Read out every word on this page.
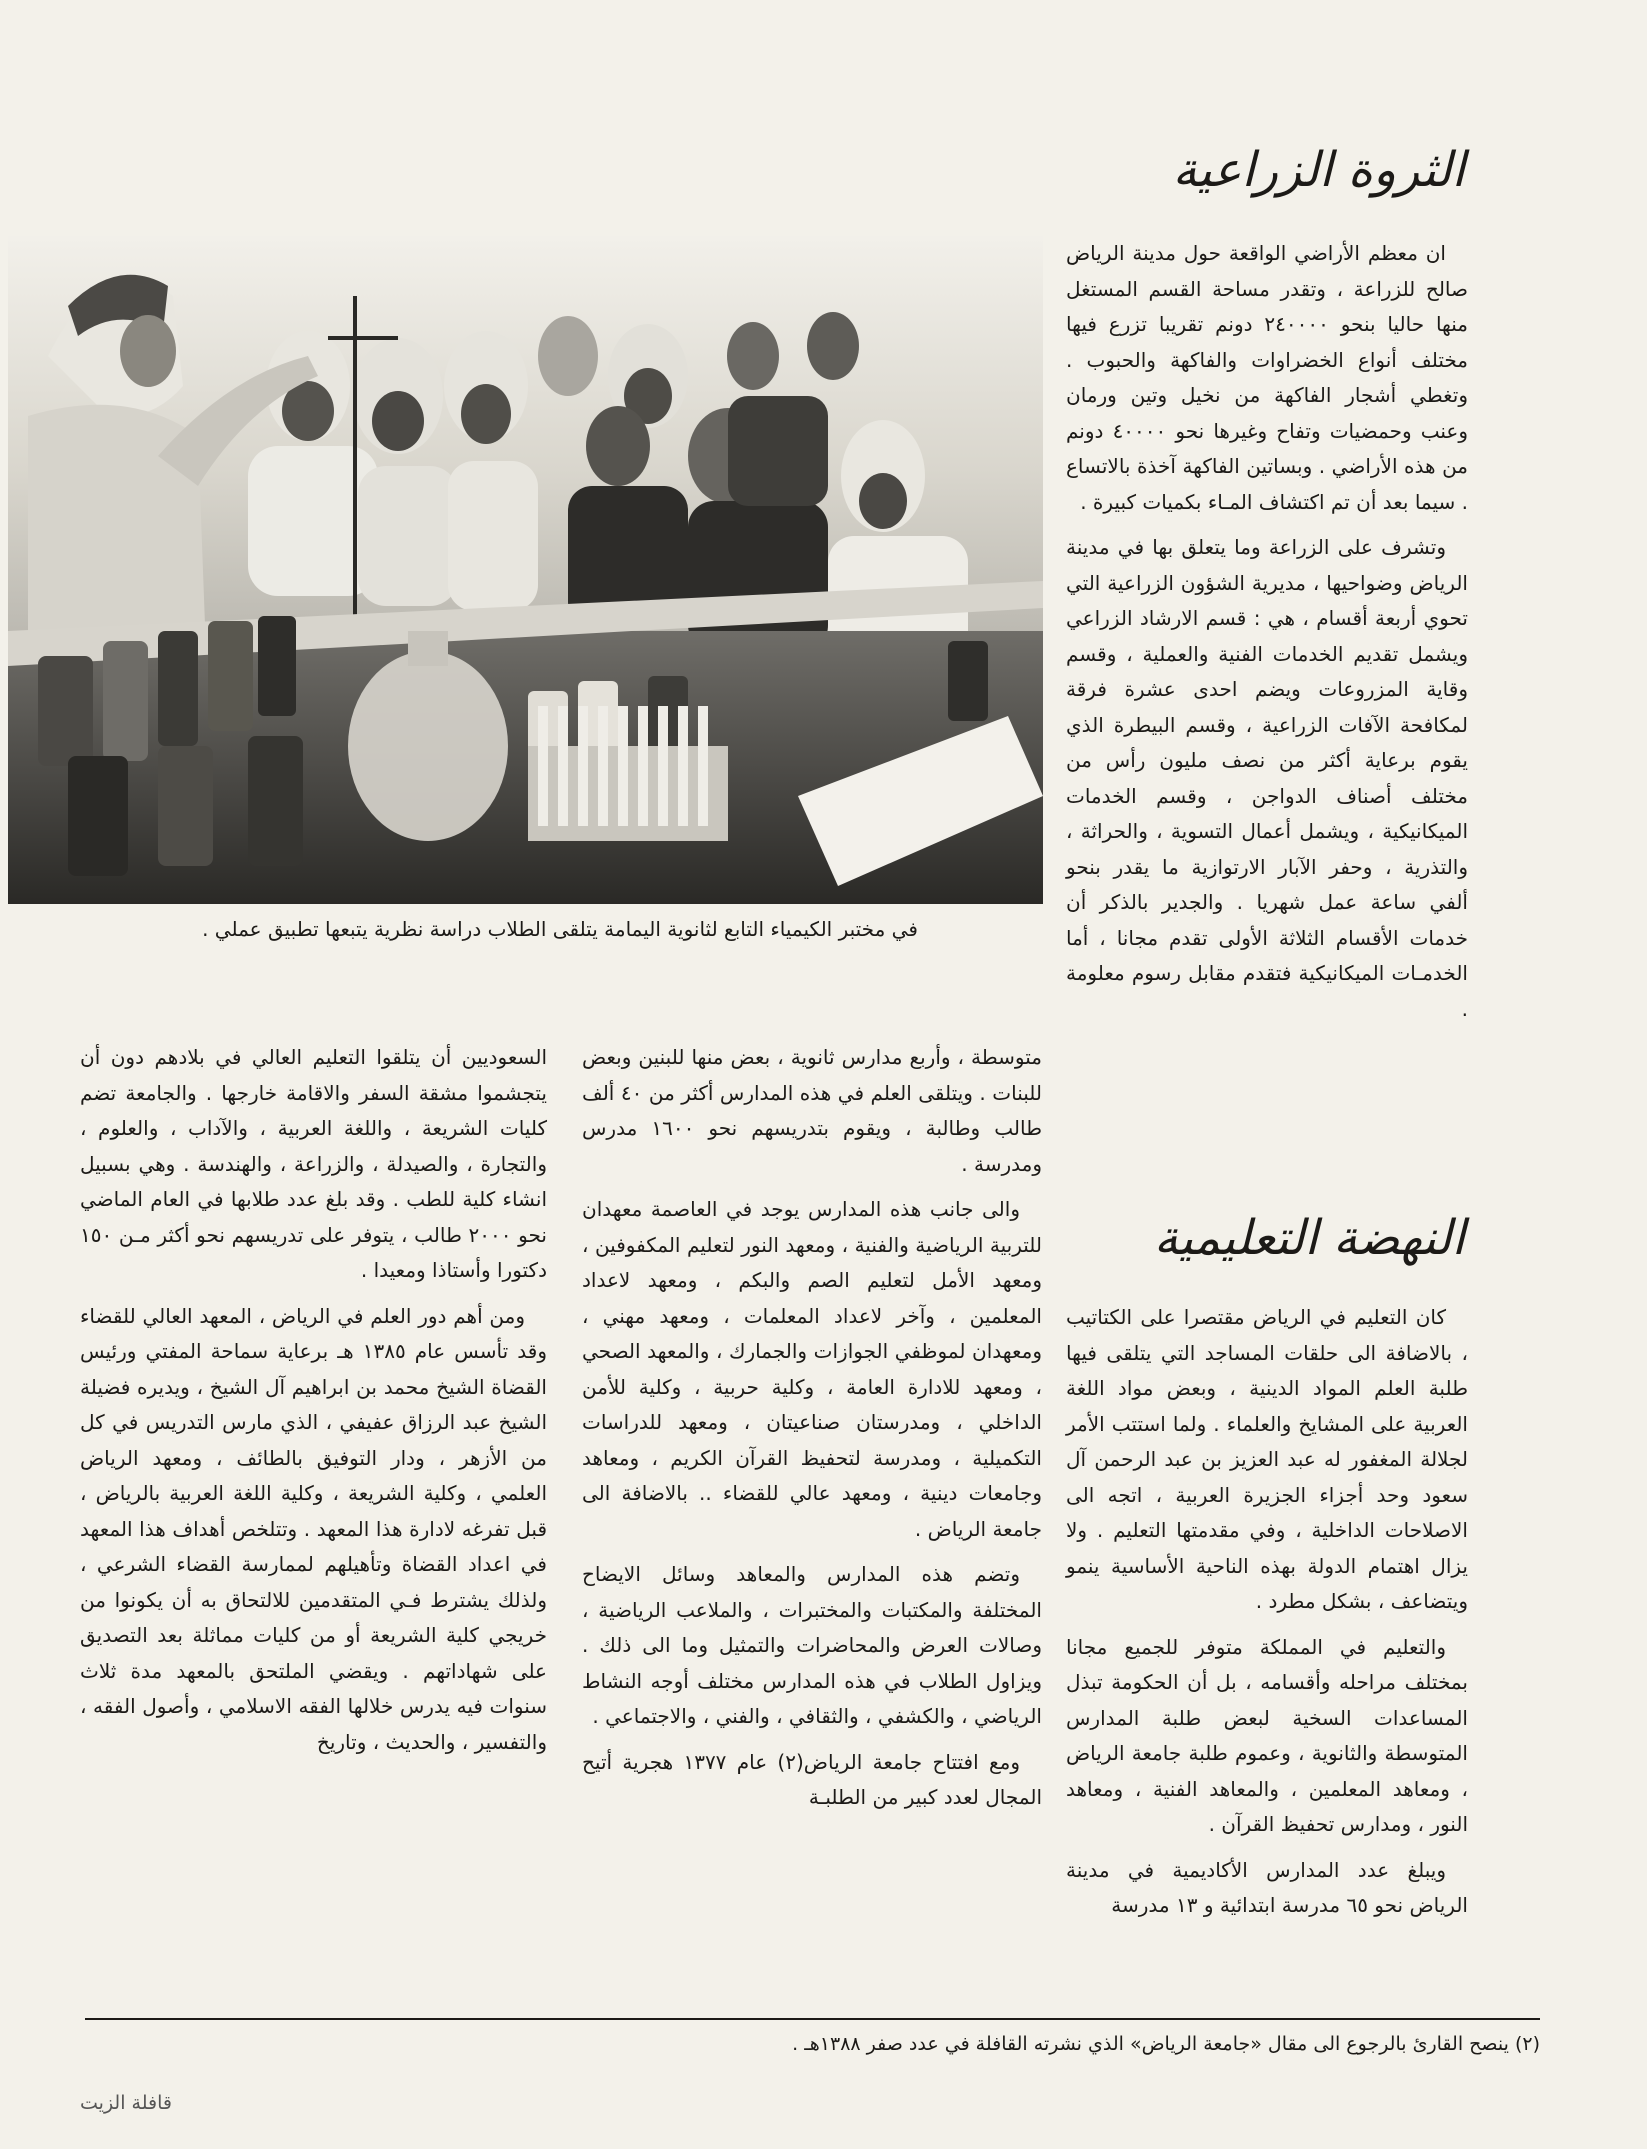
الثروة الزراعية

ان معظم الأراضي الواقعة حول مدينة الرياض صالح للزراعة ، وتقدر مساحة القسم المستغل منها حاليا بنحو ٢٤٠٠٠٠ دونم تقريبا تزرع فيها مختلف أنواع الخضراوات والفاكهة والحبوب . وتغطي أشجار الفاكهة من نخيل وتين ورمان وعنب وحمضيات وتفاح وغيرها نحو ٤٠٠٠٠ دونم من هذه الأراضي . وبساتين الفاكهة آخذة بالاتساع . سيما بعد أن تم اكتشاف المـاء بكميات كبيرة .

وتشرف على الزراعة وما يتعلق بها في مدينة الرياض وضواحيها ، مديرية الشؤون الزراعية التي تحوي أربعة أقسام ، هي : قسم الارشاد الزراعي ويشمل تقديم الخدمات الفنية والعملية ، وقسم وقاية المزروعات ويضم احدى عشرة فرقة لمكافحة الآفات الزراعية ، وقسم البيطرة الذي يقوم برعاية أكثر من نصف مليون رأس من مختلف أصناف الدواجن ، وقسم الخدمات الميكانيكية ، ويشمل أعمال التسوية ، والحراثة ، والتذرية ، وحفر الآبار الارتوازية ما يقدر بنحو ألفي ساعة عمل شهريا . والجدير بالذكر أن خدمات الأقسام الثلاثة الأولى تقدم مجانا ، أما الخدمـات الميكانيكية فتقدم مقابل رسوم معلومة .

النهضة التعليمية

كان التعليم في الرياض مقتصرا على الكتاتيب ، بالاضافة الى حلقات المساجد التي يتلقى فيها طلبة العلم المواد الدينية ، وبعض مواد اللغة العربية على المشايخ والعلماء . ولما استتب الأمر لجلالة المغفور له عبد العزيز بن عبد الرحمن آل سعود وحد أجزاء الجزيرة العربية ، اتجه الى الاصلاحات الداخلية ، وفي مقدمتها التعليم . ولا يزال اهتمام الدولة بهذه الناحية الأساسية ينمو ويتضاعف ، بشكل مطرد .

والتعليم في المملكة متوفر للجميع مجانا بمختلف مراحله وأقسامه ، بل أن الحكومة تبذل المساعدات السخية لبعض طلبة المدارس المتوسطة والثانوية ، وعموم طلبة جامعة الرياض ، ومعاهد المعلمين ، والمعاهد الفنية ، ومعاهد النور ، ومدارس تحفيظ القرآن .

ويبلغ عدد المدارس الأكاديمية في مدينة الرياض نحو ٦٥ مدرسة ابتدائية و ١٣ مدرسة

في مختبر الكيمياء التابع لثانوية اليمامة يتلقى الطلاب دراسة نظرية يتبعها تطبيق عملي .

متوسطة ، وأربع مدارس ثانوية ، بعض منها للبنين وبعض للبنات . ويتلقى العلم في هذه المدارس أكثر من ٤٠ ألف طالب وطالبة ، ويقوم بتدريسهم نحو ١٦٠٠ مدرس ومدرسة .

والى جانب هذه المدارس يوجد في العاصمة معهدان للتربية الرياضية والفنية ، ومعهد النور لتعليم المكفوفين ، ومعهد الأمل لتعليم الصم والبكم ، ومعهد لاعداد المعلمين ، وآخر لاعداد المعلمات ، ومعهد مهني ، ومعهدان لموظفي الجوازات والجمارك ، والمعهد الصحي ، ومعهد للادارة العامة ، وكلية حربية ، وكلية للأمن الداخلي ، ومدرستان صناعيتان ، ومعهد للدراسات التكميلية ، ومدرسة لتحفيظ القرآن الكريم ، ومعاهد وجامعات دينية ، ومعهد عالي للقضاء .. بالاضافة الى جامعة الرياض .

وتضم هذه المدارس والمعاهد وسائل الايضاح المختلفة والمكتبات والمختبرات ، والملاعب الرياضية ، وصالات العرض والمحاضرات والتمثيل وما الى ذلك . ويزاول الطلاب في هذه المدارس مختلف أوجه النشاط الرياضي ، والكشفي ، والثقافي ، والفني ، والاجتماعي .

ومع افتتاح جامعة الرياض(٢) عام ١٣٧٧ هجرية أتيح المجال لعدد كبير من الطلبـة

السعوديين أن يتلقوا التعليم العالي في بلادهم دون أن يتجشموا مشقة السفر والاقامة خارجها . والجامعة تضم كليات الشريعة ، واللغة العربية ، والآداب ، والعلوم ، والتجارة ، والصيدلة ، والزراعة ، والهندسة . وهي بسبيل انشاء كلية للطب . وقد بلغ عدد طلابها في العام الماضي نحو ٢٠٠٠ طالب ، يتوفر على تدريسهم نحو أكثر مـن ١٥٠ دكتورا وأستاذا ومعيدا .

ومن أهم دور العلم في الرياض ، المعهد العالي للقضاء وقد تأسس عام ١٣٨٥ هـ برعاية سماحة المفتي ورئيس القضاة الشيخ محمد بن ابراهيم آل الشيخ ، ويديره فضيلة الشيخ عبد الرزاق عفيفي ، الذي مارس التدريس في كل من الأزهر ، ودار التوفيق بالطائف ، ومعهد الرياض العلمي ، وكلية الشريعة ، وكلية اللغة العربية بالرياض ، قبل تفرغه لادارة هذا المعهد . وتتلخص أهداف هذا المعهد في اعداد القضاة وتأهيلهم لممارسة القضاء الشرعي ، ولذلك يشترط فـي المتقدمين للالتحاق به أن يكونوا من خريجي كلية الشريعة أو من كليات مماثلة بعد التصديق على شهاداتهم . ويقضي الملتحق بالمعهد مدة ثلاث سنوات فيه يدرس خلالها الفقه الاسلامي ، وأصول الفقه ، والتفسير ، والحديث ، وتاريخ

(٢) ينصح القارئ بالرجوع الى مقال «جامعة الرياض» الذي نشرته القافلة في عدد صفر ١٣٨٨هـ .
قافلة الزيت
